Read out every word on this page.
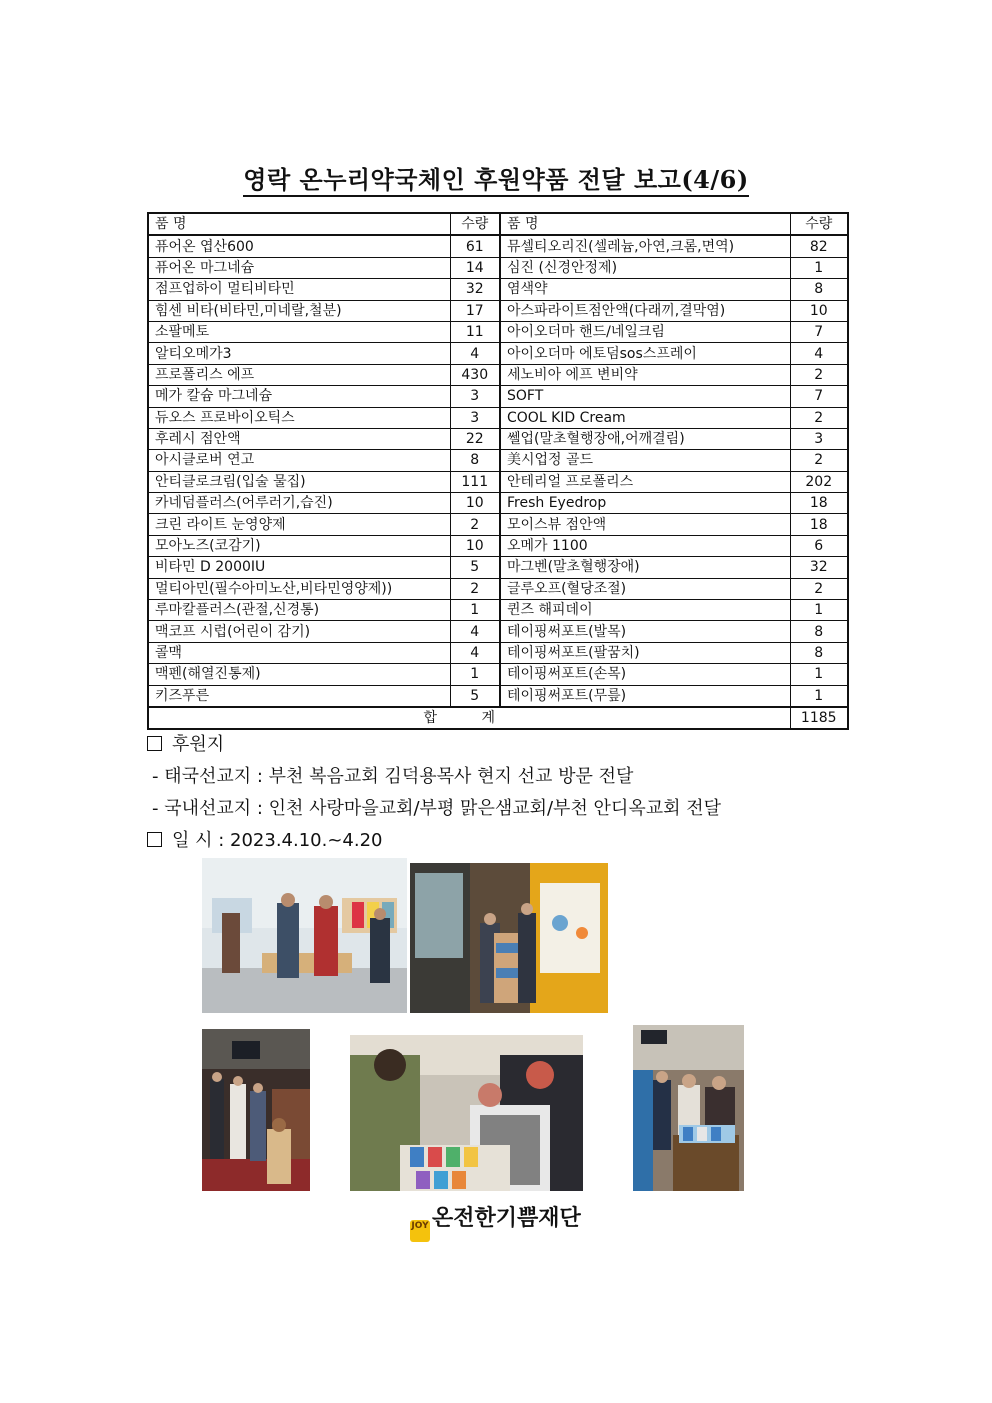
영락 온누리약국체인 후원약품 전달 보고(4/6)
품 명	수량	품 명	수량
퓨어온 엽산600	61	뮤셀티오리진(셀레늄,아연,크롬,면역)	82
퓨어온 마그네슘	14	심진 (신경안정제)	1
점프업하이 멀티비타민	32	염색약	8
힘센 비타(비타민,미네랄,철분)	17	아스파라이트점안액(다래끼,결막염)	10
소팔메토	11	아이오더마 핸드/네일크림	7
알티오메가3	4	아이오더마 에토덤sos스프레이	4
프로폴리스 에프	430	세노비아 에프 변비약	2
메가 칼슘 마그네슘	3	SOFT	7
듀오스 프로바이오틱스	3	COOL KID Cream	2
후레시 점안액	22	쎌업(말초혈행장애,어깨결림)	3
아시클로버 연고	8	美시업정 골드	2
안티클로크림(입술 물집)	111	안테리얼 프로폴리스	202
카네덤플러스(어루러기,습진)	10	Fresh Eyedrop	18
크린 라이트 눈영양제	2	모이스뷰 점안액	18
모아노즈(코감기)	10	오메가 1100	6
비타민 D 2000IU	5	마그벤(말초혈행장애)	32
멀티아민(필수아미노산,비타민영양제))	2	글루오프(혈당조절)	2
루마칼플러스(관절,신경통)	1	퀸즈 해피데이	1
맥코프 시럽(어린이 감기)	4	테이핑써포트(발목)	8
콜맥	4	테이핑써포트(팔꿈치)	8
맥펜(해열진통제)	1	테이핑써포트(손목)	1
키즈푸른	5	테이핑써포트(무릎)	1
합 계			1185
후원지
- 태국선교지 : 부천 복음교회 김덕용목사 현지 선교 방문 전달
- 국내선교지 : 인천 사랑마을교회/부평 맑은샘교회/부천 안디옥교회 전달
일 시 : 2023.4.10.~4.20
JOY 온전한기쁨재단
